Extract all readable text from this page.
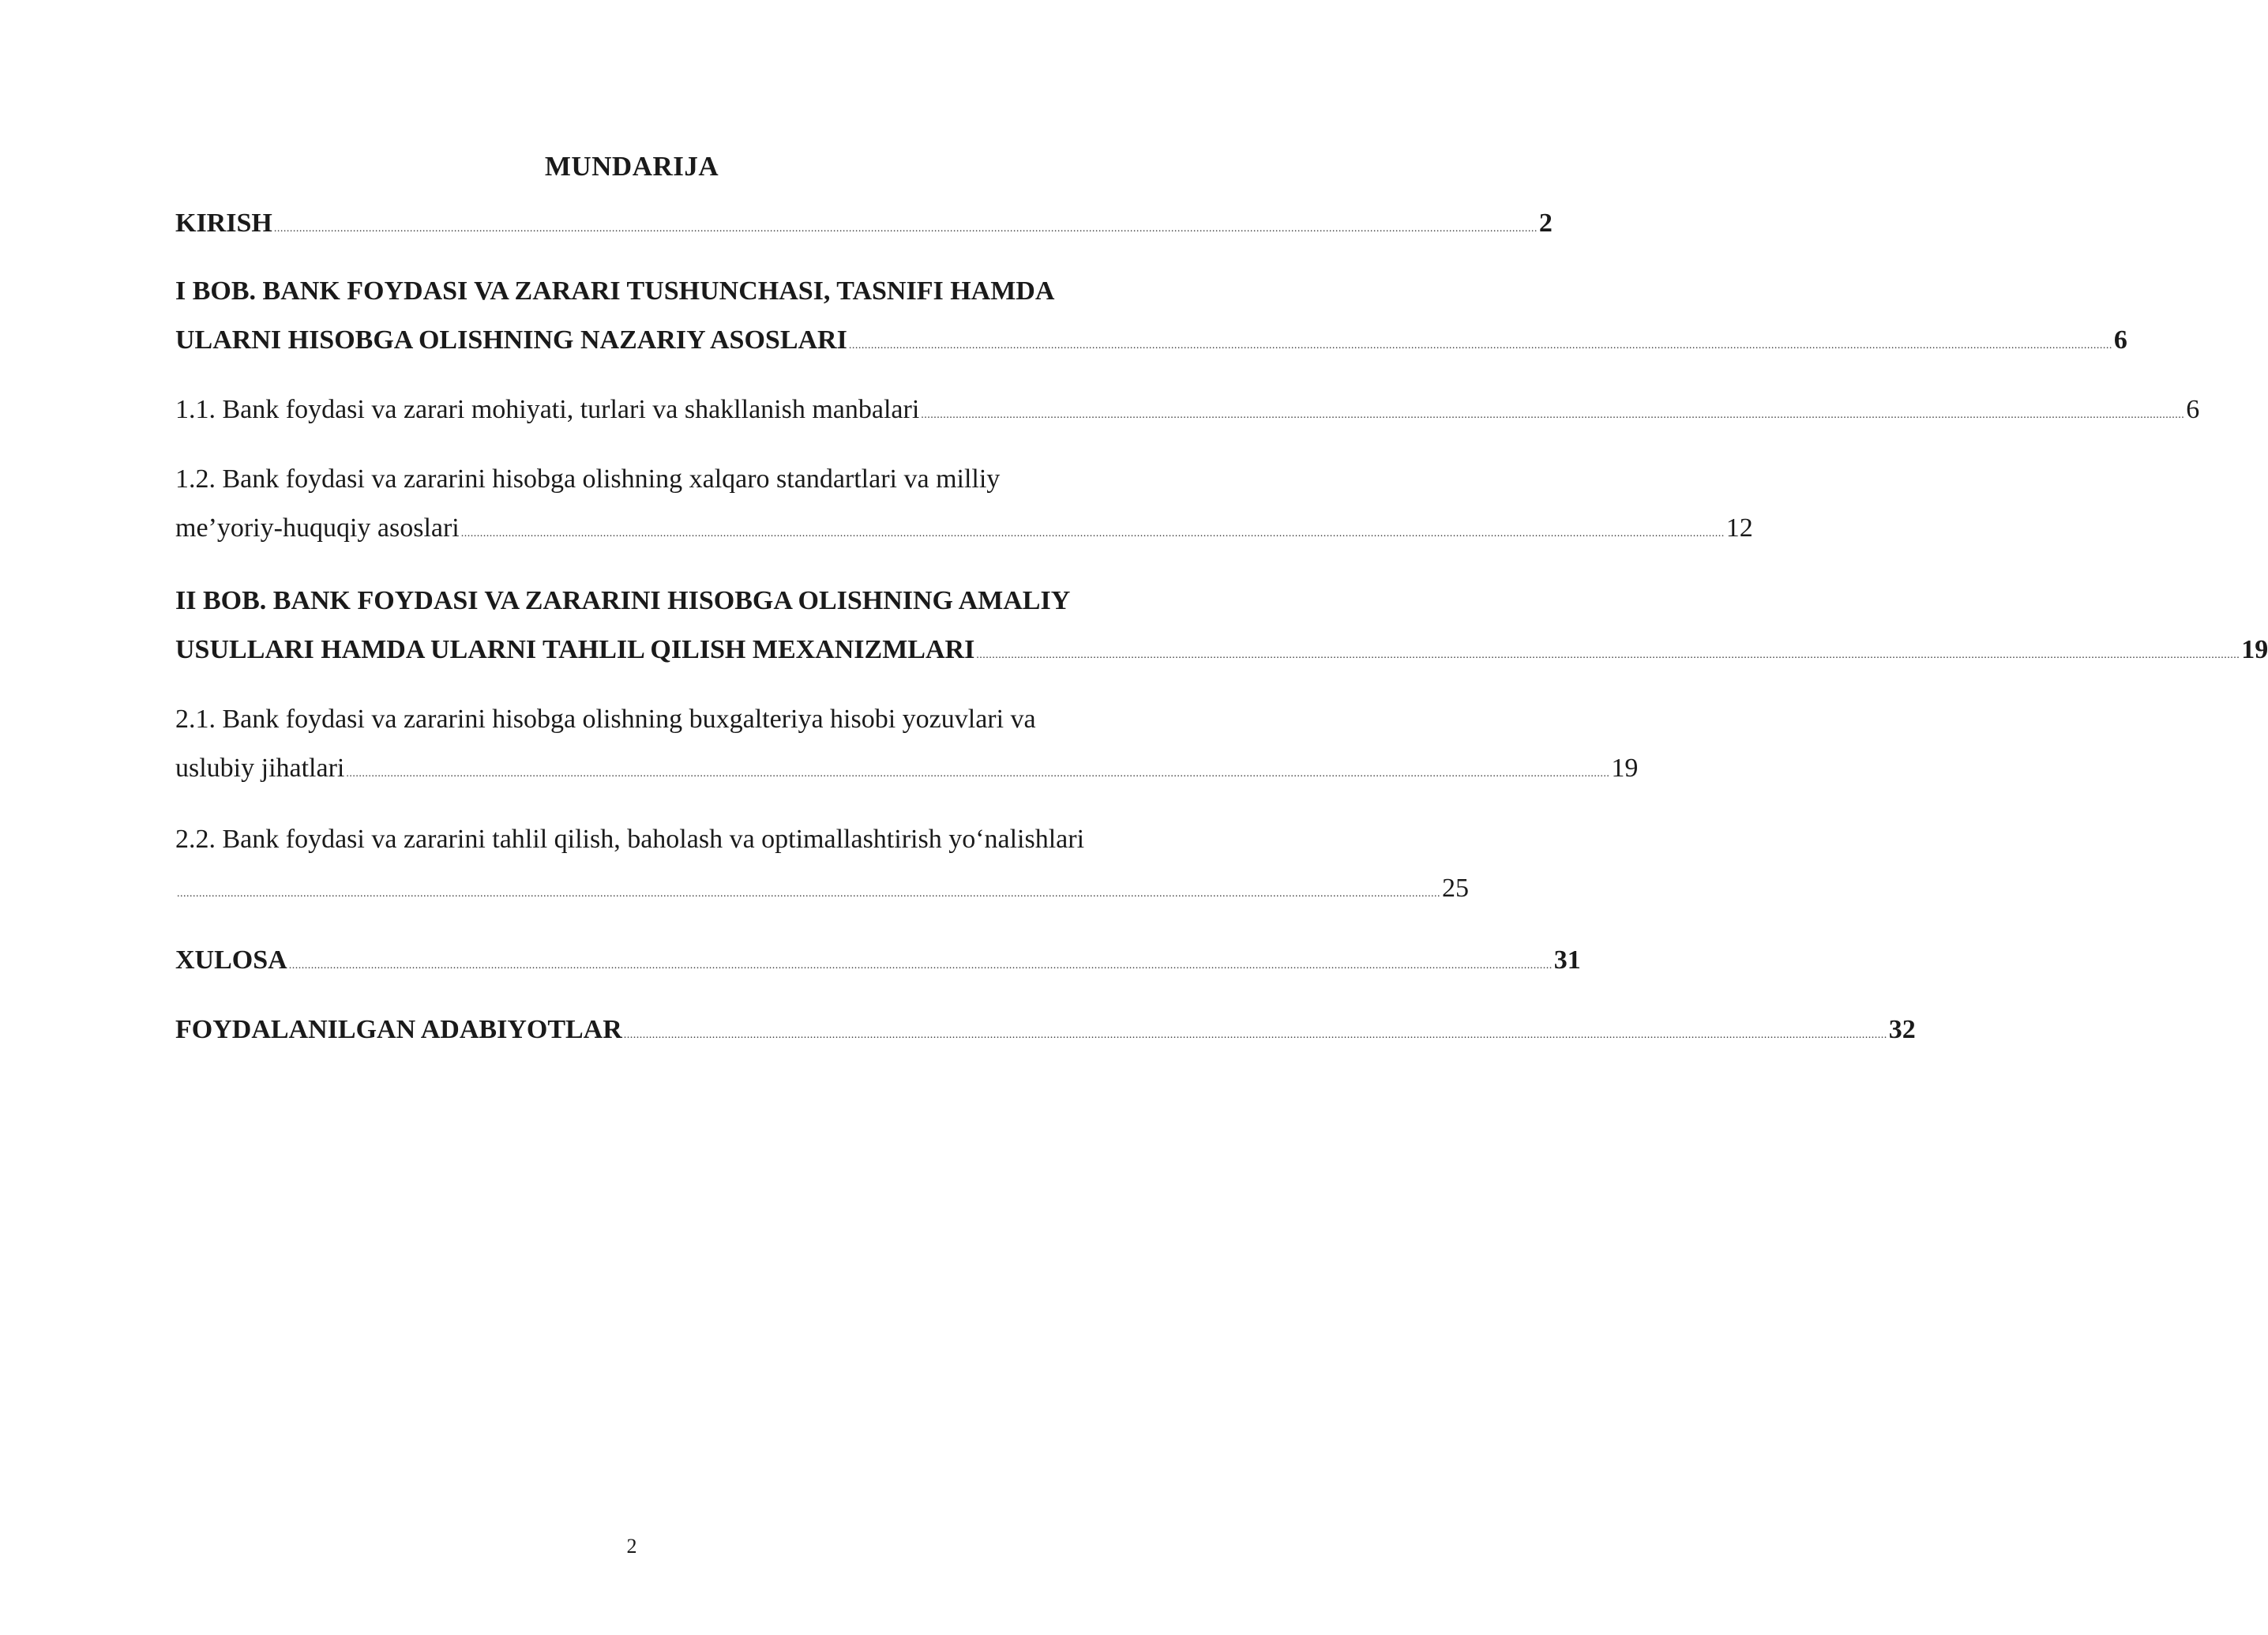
MUNDARIJA
KIRISH ................................................................................................................................................................................................................................................................................................................................................................................................................ 2
I BOB. BANK FOYDASI VA ZARARI TUSHUNCHASI, TASNIFI HAMDA
ULARNI HISOBGA OLISHNING NAZARIY ASOSLARI ................................................................................................................................................................................................................................................................................................................................................................................................................ 6
1.1. Bank foydasi va zarari mohiyati, turlari va shakllanish manbalari ................................................................................................................................................................................................................................................................................................................................................................................................................ 6
1.2. Bank foydasi va zararini hisobga olishning xalqaro standartlari va milliy
me’yoriy-huquqiy asoslari ................................................................................................................................................................................................................................................................................................................................................................................................................ 12
II BOB. BANK FOYDASI VA ZARARINI HISOBGA OLISHNING AMALIY
USULLARI HAMDA ULARNI TAHLIL QILISH MEXANIZMLARI ................................................................................................................................................................................................................................................................................................................................................................................................................ 19
2.1. Bank foydasi va zararini hisobga olishning buxgalteriya hisobi yozuvlari va
uslubiy jihatlari ................................................................................................................................................................................................................................................................................................................................................................................................................ 19
2.2. Bank foydasi va zararini tahlil qilish, baholash va optimallashtirish yo‘nalishlari
................................................................................................................................................................................................................................................................................................................................................................................................................ 25
XULOSA ................................................................................................................................................................................................................................................................................................................................................................................................................ 31
FOYDALANILGAN ADABIYOTLAR ................................................................................................................................................................................................................................................................................................................................................................................................................ 32
2
